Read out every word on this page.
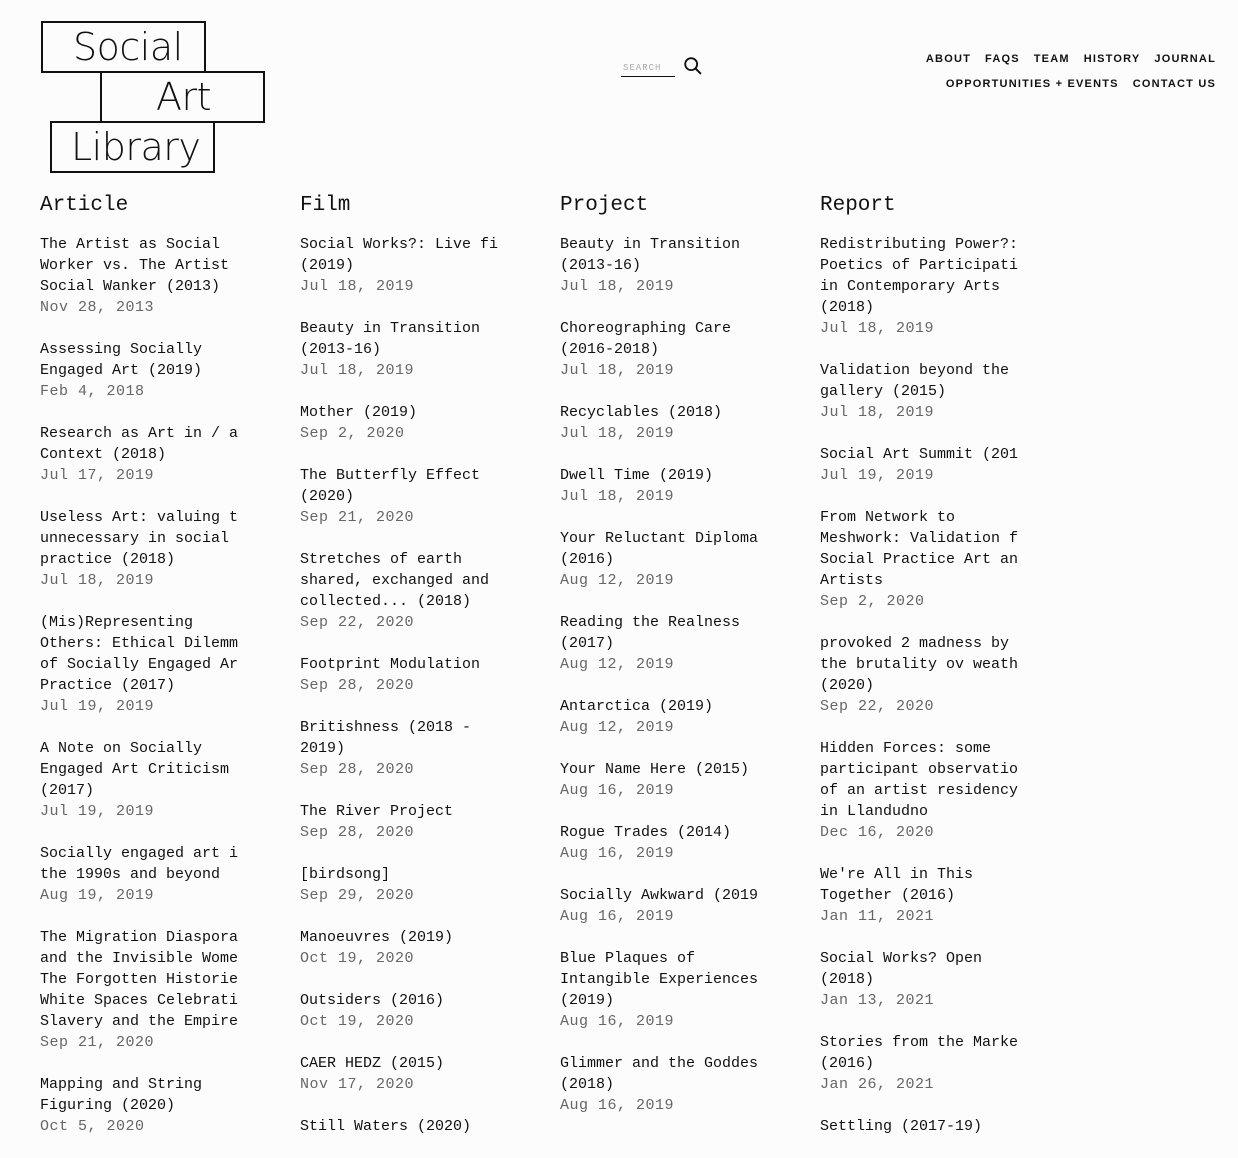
Social
Art
Library
SEARCH
ABOUT FAQS TEAM HISTORY JOURNAL
OPPORTUNITIES + EVENTS CONTACT US
Article
The Artist as Social
Worker vs. The Artist
Social Wanker (2013)
Nov 28, 2013
Assessing Socially
Engaged Art (2019)
Feb 4, 2018
Research as Art in / a
Context (2018)
Jul 17, 2019
Useless Art: valuing t
unnecessary in social
practice (2018)
Jul 18, 2019
(Mis)Representing
Others: Ethical Dilemm
of Socially Engaged Ar
Practice (2017)
Jul 19, 2019
A Note on Socially
Engaged Art Criticism
(2017)
Jul 19, 2019
Socially engaged art i
the 1990s and beyond
Aug 19, 2019
The Migration Diaspora
and the Invisible Wome
The Forgotten Historie
White Spaces Celebrati
Slavery and the Empire
Sep 21, 2020
Mapping and String
Figuring (2020)
Oct 5, 2020
Film
Social Works?: Live fi
(2019)
Jul 18, 2019
Beauty in Transition
(2013-16)
Jul 18, 2019
Mother (2019)
Sep 2, 2020
The Butterfly Effect
(2020)
Sep 21, 2020
Stretches of earth
shared, exchanged and
collected... (2018)
Sep 22, 2020
Footprint Modulation
Sep 28, 2020
Britishness (2018 -
2019)
Sep 28, 2020
The River Project
Sep 28, 2020
[birdsong]
Sep 29, 2020
Manoeuvres (2019)
Oct 19, 2020
Outsiders (2016)
Oct 19, 2020
CAER HEDZ (2015)
Nov 17, 2020
Still Waters (2020)
Project
Beauty in Transition
(2013-16)
Jul 18, 2019
Choreographing Care
(2016-2018)
Jul 18, 2019
Recyclables (2018)
Jul 18, 2019
Dwell Time (2019)
Jul 18, 2019
Your Reluctant Diploma
(2016)
Aug 12, 2019
Reading the Realness
(2017)
Aug 12, 2019
Antarctica (2019)
Aug 12, 2019
Your Name Here (2015)
Aug 16, 2019
Rogue Trades (2014)
Aug 16, 2019
Socially Awkward (2019
Aug 16, 2019
Blue Plaques of
Intangible Experiences
(2019)
Aug 16, 2019
Glimmer and the Goddes
(2018)
Aug 16, 2019
Report
Redistributing Power?:
Poetics of Participati
in Contemporary Arts
(2018)
Jul 18, 2019
Validation beyond the
gallery (2015)
Jul 18, 2019
Social Art Summit (201
Jul 19, 2019
From Network to
Meshwork: Validation f
Social Practice Art an
Artists
Sep 2, 2020
provoked 2 madness by
the brutality ov weath
(2020)
Sep 22, 2020
Hidden Forces: some
participant observatio
of an artist residency
in Llandudno
Dec 16, 2020
We're All in This
Together (2016)
Jan 11, 2021
Social Works? Open
(2018)
Jan 13, 2021
Stories from the Marke
(2016)
Jan 26, 2021
Settling (2017-19)
